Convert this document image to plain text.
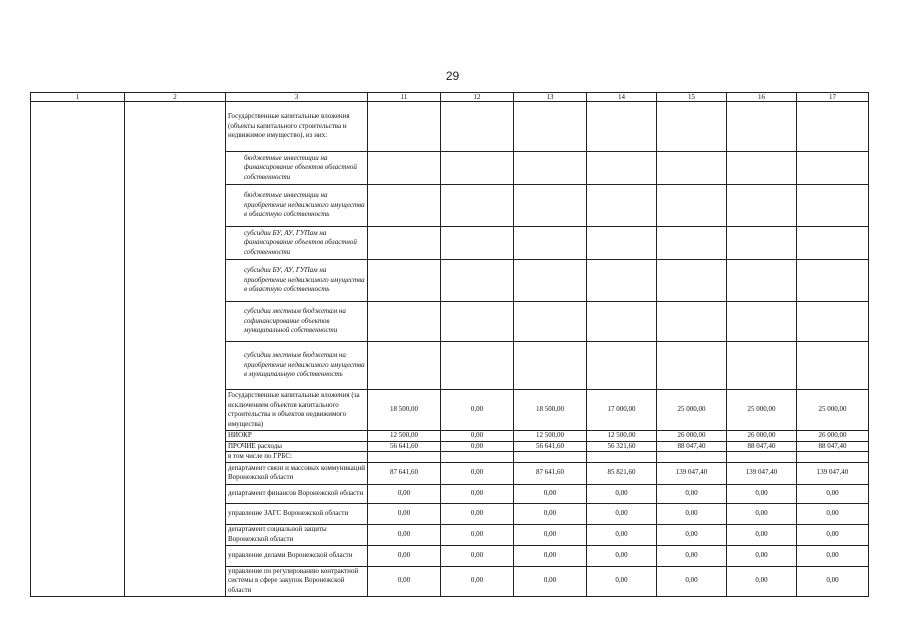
29
1	2	3	11	12	13	14	15	16	17
		Государственные капитальные вложения (объекты капитального строительства и недвижимое имущество), из них:							
		бюджетные инвестиции на финансирование объектов областной собственности							
		бюджетные инвестиции на приобретение недвижимого имущества в областную собственность							
		субсидии БУ, АУ, ГУПам на финансирование объектов областной собственности							
		субсидии БУ, АУ, ГУПам на приобретение недвижимого имущества в областную собственность							
		субсидии местным бюджетам на софинансирование объектов муниципальной собственности							
		субсидии местным бюджетам на приобретение недвижимого имущества в муниципальную собственность							
		Государственные капитальные вложения (за исключением объектов капитального строительства и объектов недвижимого имущества)	18 500,00	0,00	18 500,00	17 000,00	25 000,00	25 000,00	25 000,00
		НИОКР	12 500,00	0,00	12 500,00	12 500,00	26 000,00	26 000,00	26 000,00
		ПРОЧИЕ расходы	56 641,60	0,00	56 641,60	56 321,60	88 047,40	88 047,40	88 047,40
		в том числе по ГРБС:							
		департамент связи и массовых коммуникаций Воронежской области	87 641,60	0,00	87 641,60	85 821,60	139 047,40	139 047,40	139 047,40
		департамент финансов Воронежской области	0,00	0,00	0,00	0,00	0,00	0,00	0,00
		управление ЗАГС Воронежской области	0,00	0,00	0,00	0,00	0,00	0,00	0,00
		департамент социальной защиты Воронежской области	0,00	0,00	0,00	0,00	0,00	0,00	0,00
		управление делами Воронежской области	0,00	0,00	0,00	0,00	0,00	0,00	0,00
		управление по регулированию контрактной системы в сфере закупок Воронежской области	0,00	0,00	0,00	0,00	0,00	0,00	0,00
